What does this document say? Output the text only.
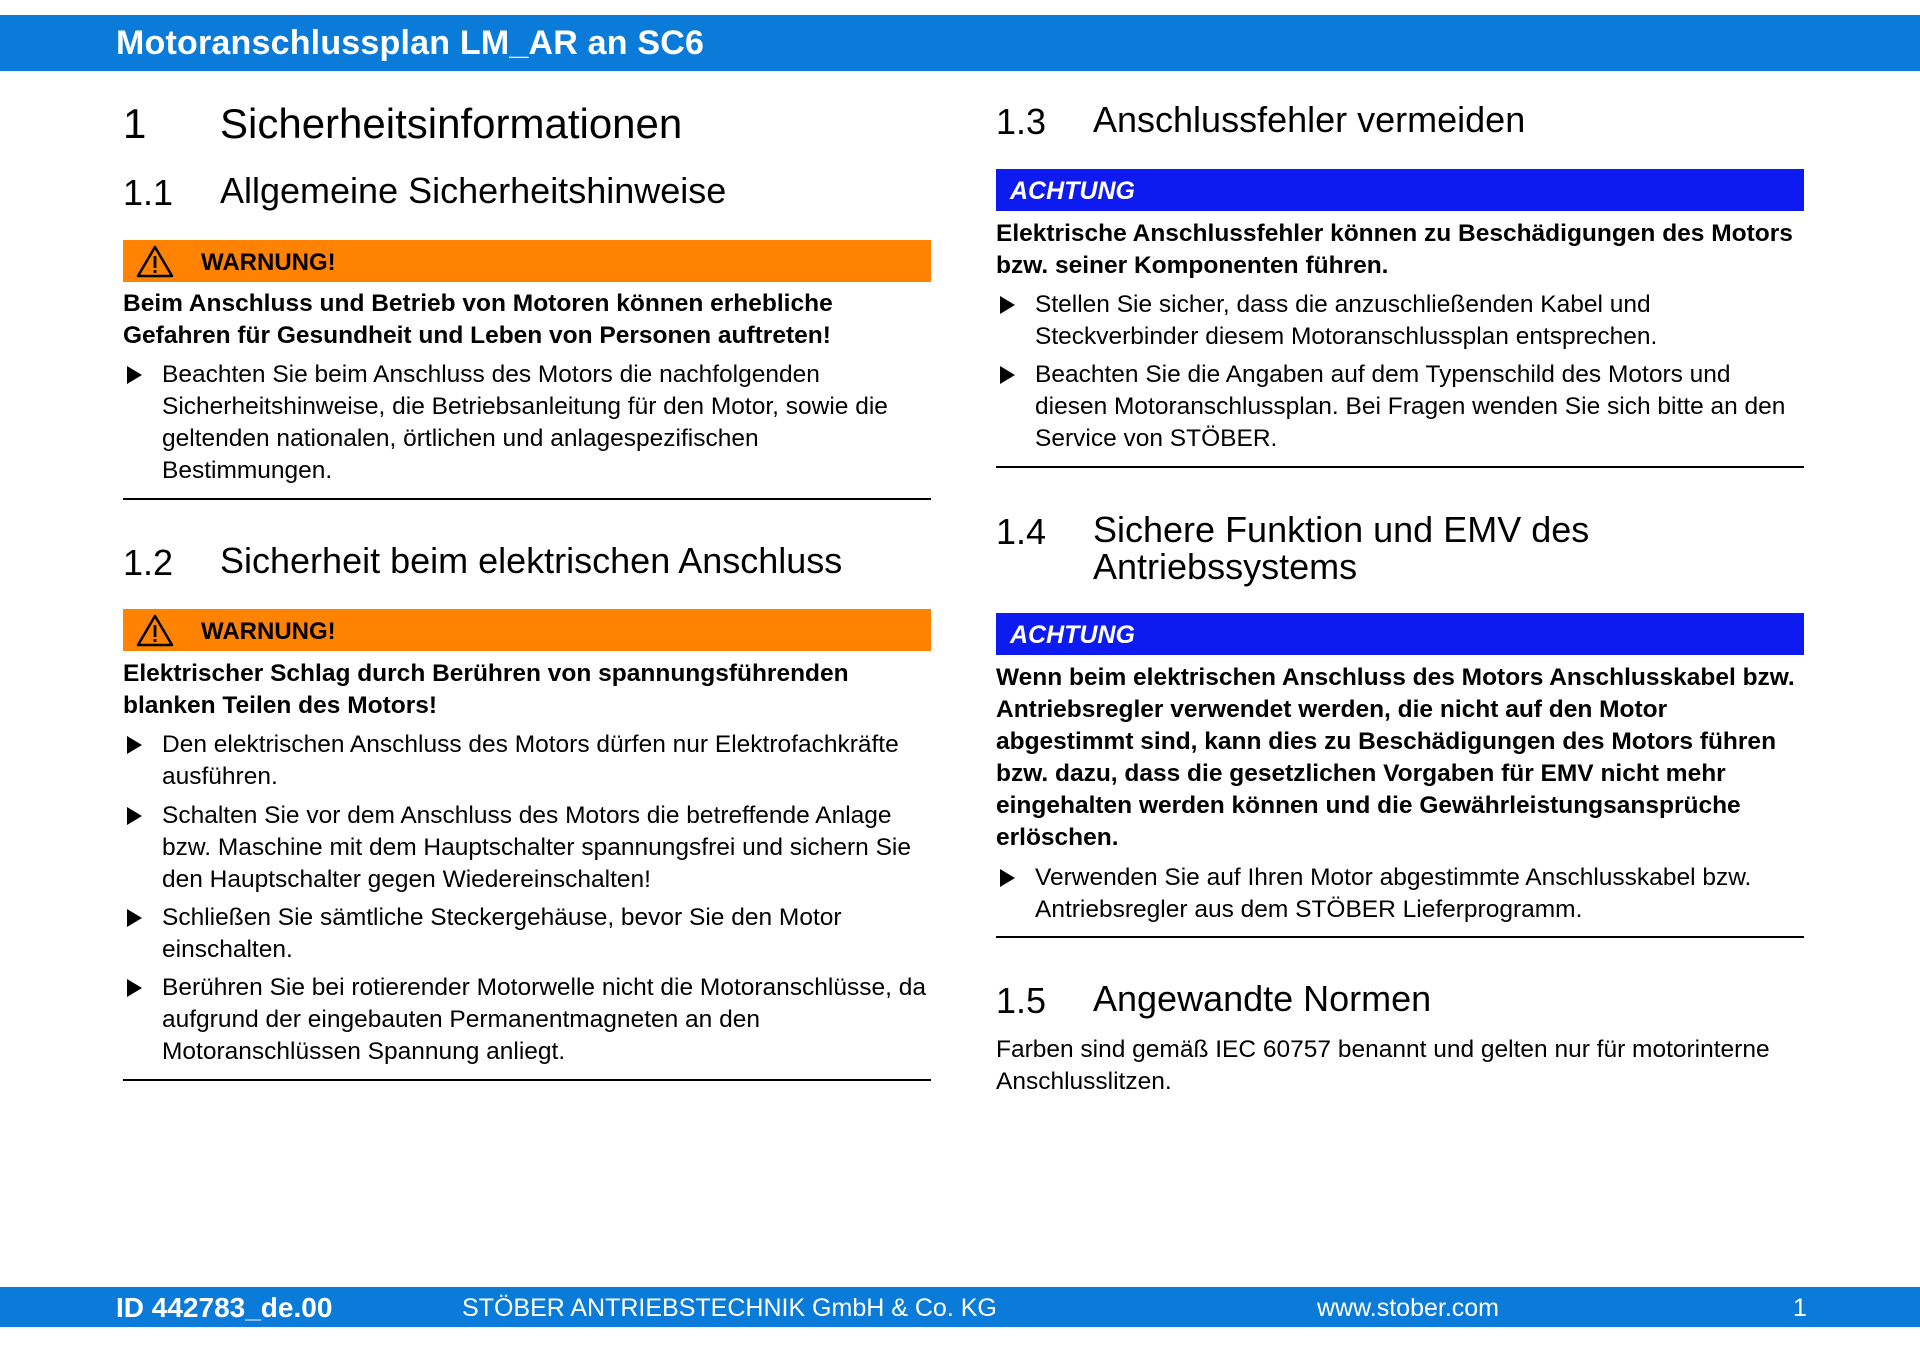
Motoranschlussplan LM_AR an SC6
1 Sicherheitsinformationen
1.1 Allgemeine Sicherheitshinweise
WARNUNG!
Beim Anschluss und Betrieb von Motoren können erhebliche Gefahren für Gesundheit und Leben von Personen auftreten!
Beachten Sie beim Anschluss des Motors die nachfolgenden Sicherheitshinweise, die Betriebsanleitung für den Motor, sowie die geltenden nationalen, örtlichen und anlagespezifischen Bestimmungen.
1.2 Sicherheit beim elektrischen Anschluss
WARNUNG!
Elektrischer Schlag durch Berühren von spannungsführenden blanken Teilen des Motors!
Den elektrischen Anschluss des Motors dürfen nur Elektrofachkräfte ausführen.
Schalten Sie vor dem Anschluss des Motors die betreffende Anlage bzw. Maschine mit dem Hauptschalter spannungsfrei und sichern Sie den Hauptschalter gegen Wiedereinschalten!
Schließen Sie sämtliche Steckergehäuse, bevor Sie den Motor einschalten.
Berühren Sie bei rotierender Motorwelle nicht die Motoranschlüsse, da aufgrund der eingebauten Permanentmagneten an den Motoranschlüssen Spannung anliegt.
1.3 Anschlussfehler vermeiden
ACHTUNG
Elektrische Anschlussfehler können zu Beschädigungen des Motors bzw. seiner Komponenten führen.
Stellen Sie sicher, dass die anzuschließenden Kabel und Steckverbinder diesem Motoranschlussplan entsprechen.
Beachten Sie die Angaben auf dem Typenschild des Motors und diesen Motoranschlussplan. Bei Fragen wenden Sie sich bitte an den Service von STÖBER.
1.4 Sichere Funktion und EMV des Antriebssystems
ACHTUNG
Wenn beim elektrischen Anschluss des Motors Anschlusskabel bzw. Antriebsregler verwendet werden, die nicht auf den Motor abgestimmt sind, kann dies zu Beschädigungen des Motors führen bzw. dazu, dass die gesetzlichen Vorgaben für EMV nicht mehr eingehalten werden können und die Gewährleistungsansprüche erlöschen.
Verwenden Sie auf Ihren Motor abgestimmte Anschlusskabel bzw. Antriebsregler aus dem STÖBER Lieferprogramm.
1.5 Angewandte Normen
Farben sind gemäß IEC 60757 benannt und gelten nur für motorinterne Anschlusslitzen.
ID 442783_de.00	STÖBER ANTRIEBSTECHNIK GmbH & Co. KG	www.stober.com	1
